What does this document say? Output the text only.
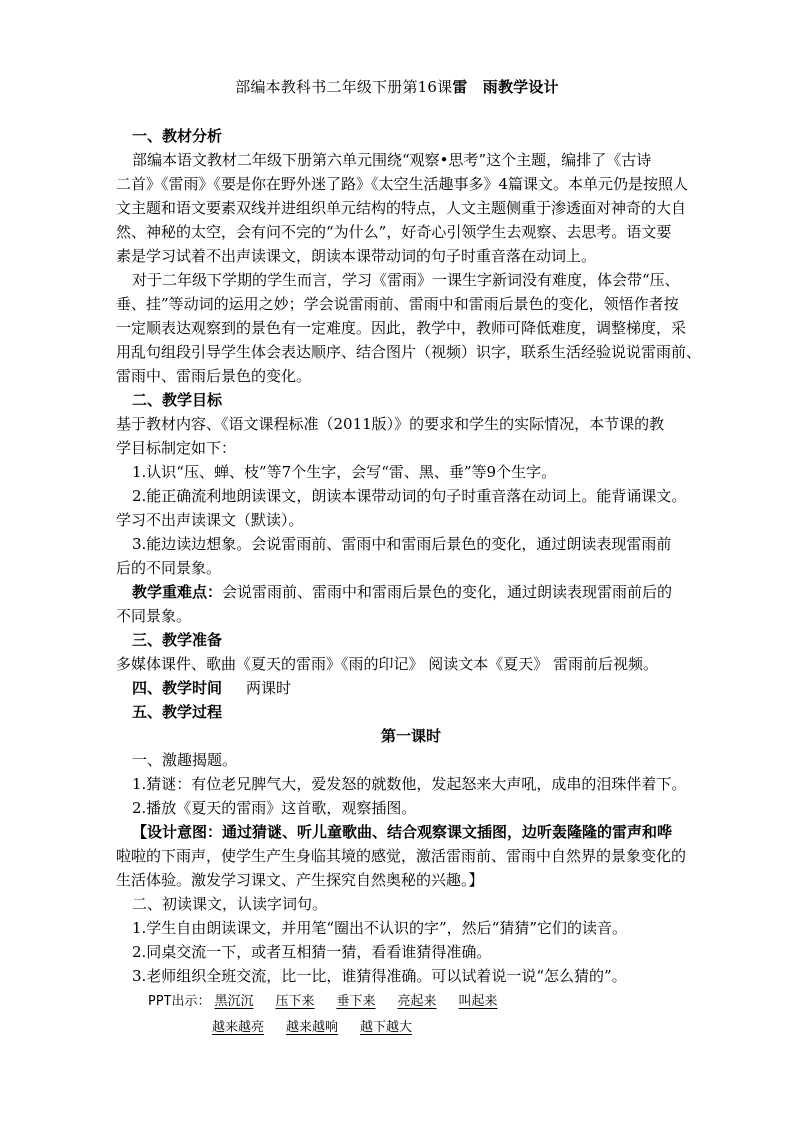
部编本教科书二年级下册第16课雷　雨教学设计
一、教材分析
部编本语文教材二年级下册第六单元围绕“观察•思考”这个主题，编排了《古诗
二首》《雷雨》《要是你在野外迷了路》《太空生活趣事多》4篇课文。本单元仍是按照人
文主题和语文要素双线并进组织单元结构的特点，人文主题侧重于渗透面对神奇的大自
然、神秘的太空，会有问不完的“为什么”，好奇心引领学生去观察、去思考。语文要
素是学习试着不出声读课文，朗读本课带动词的句子时重音落在动词上。
对于二年级下学期的学生而言，学习《雷雨》一课生字新词没有难度，体会带“压、
垂、挂”等动词的运用之妙；学会说雷雨前、雷雨中和雷雨后景色的变化，领悟作者按
一定顺表达观察到的景色有一定难度。因此，教学中，教师可降低难度，调整梯度，采
用乱句组段引导学生体会表达顺序、结合图片（视频）识字，联系生活经验说说雷雨前、
雷雨中、雷雨后景色的变化。
二、教学目标
基于教材内容、《语文课程标准（2011版）》的要求和学生的实际情况，本节课的教
学目标制定如下：
1.认识“压、蝉、枝”等7个生字，会写“雷、黑、垂”等9个生字。
2.能正确流利地朗读课文，朗读本课带动词的句子时重音落在动词上。能背诵课文。
学习不出声读课文（默读）。
3.能边读边想象。会说雷雨前、雷雨中和雷雨后景色的变化，通过朗读表现雷雨前
后的不同景象。
教学重难点：会说雷雨前、雷雨中和雷雨后景色的变化，通过朗读表现雷雨前后的
不同景象。
三、教学准备
多媒体课件、歌曲《夏天的雷雨》《雨的印记》 阅读文本《夏天》 雷雨前后视频。
四、教学时间 两课时
五、教学过程
第一课时
一、激趣揭题。
1.猜谜：有位老兄脾气大，爱发怒的就数他，发起怒来大声吼，成串的泪珠伴着下。
2.播放《夏天的雷雨》这首歌，观察插图。
【设计意图：通过猜谜、听儿童歌曲、结合观察课文插图，边听轰隆隆的雷声和哗
啦啦的下雨声，使学生产生身临其境的感觉，激活雷雨前、雷雨中自然界的景象变化的
生活体验。激发学习课文、产生探究自然奥秘的兴趣。】
二、初读课文，认读字词句。
1.学生自由朗读课文，并用笔“圈出不认识的字”，然后“猜猜”它们的读音。
2.同桌交流一下，或者互相猜一猜，看看谁猜得准确。
3.老师组织全班交流，比一比，谁猜得准确。可以试着说一说“怎么猜的”。
PPT出示： 黑沉沉 压下来 垂下来 亮起来 叫起来
越来越亮 越来越响 越下越大
